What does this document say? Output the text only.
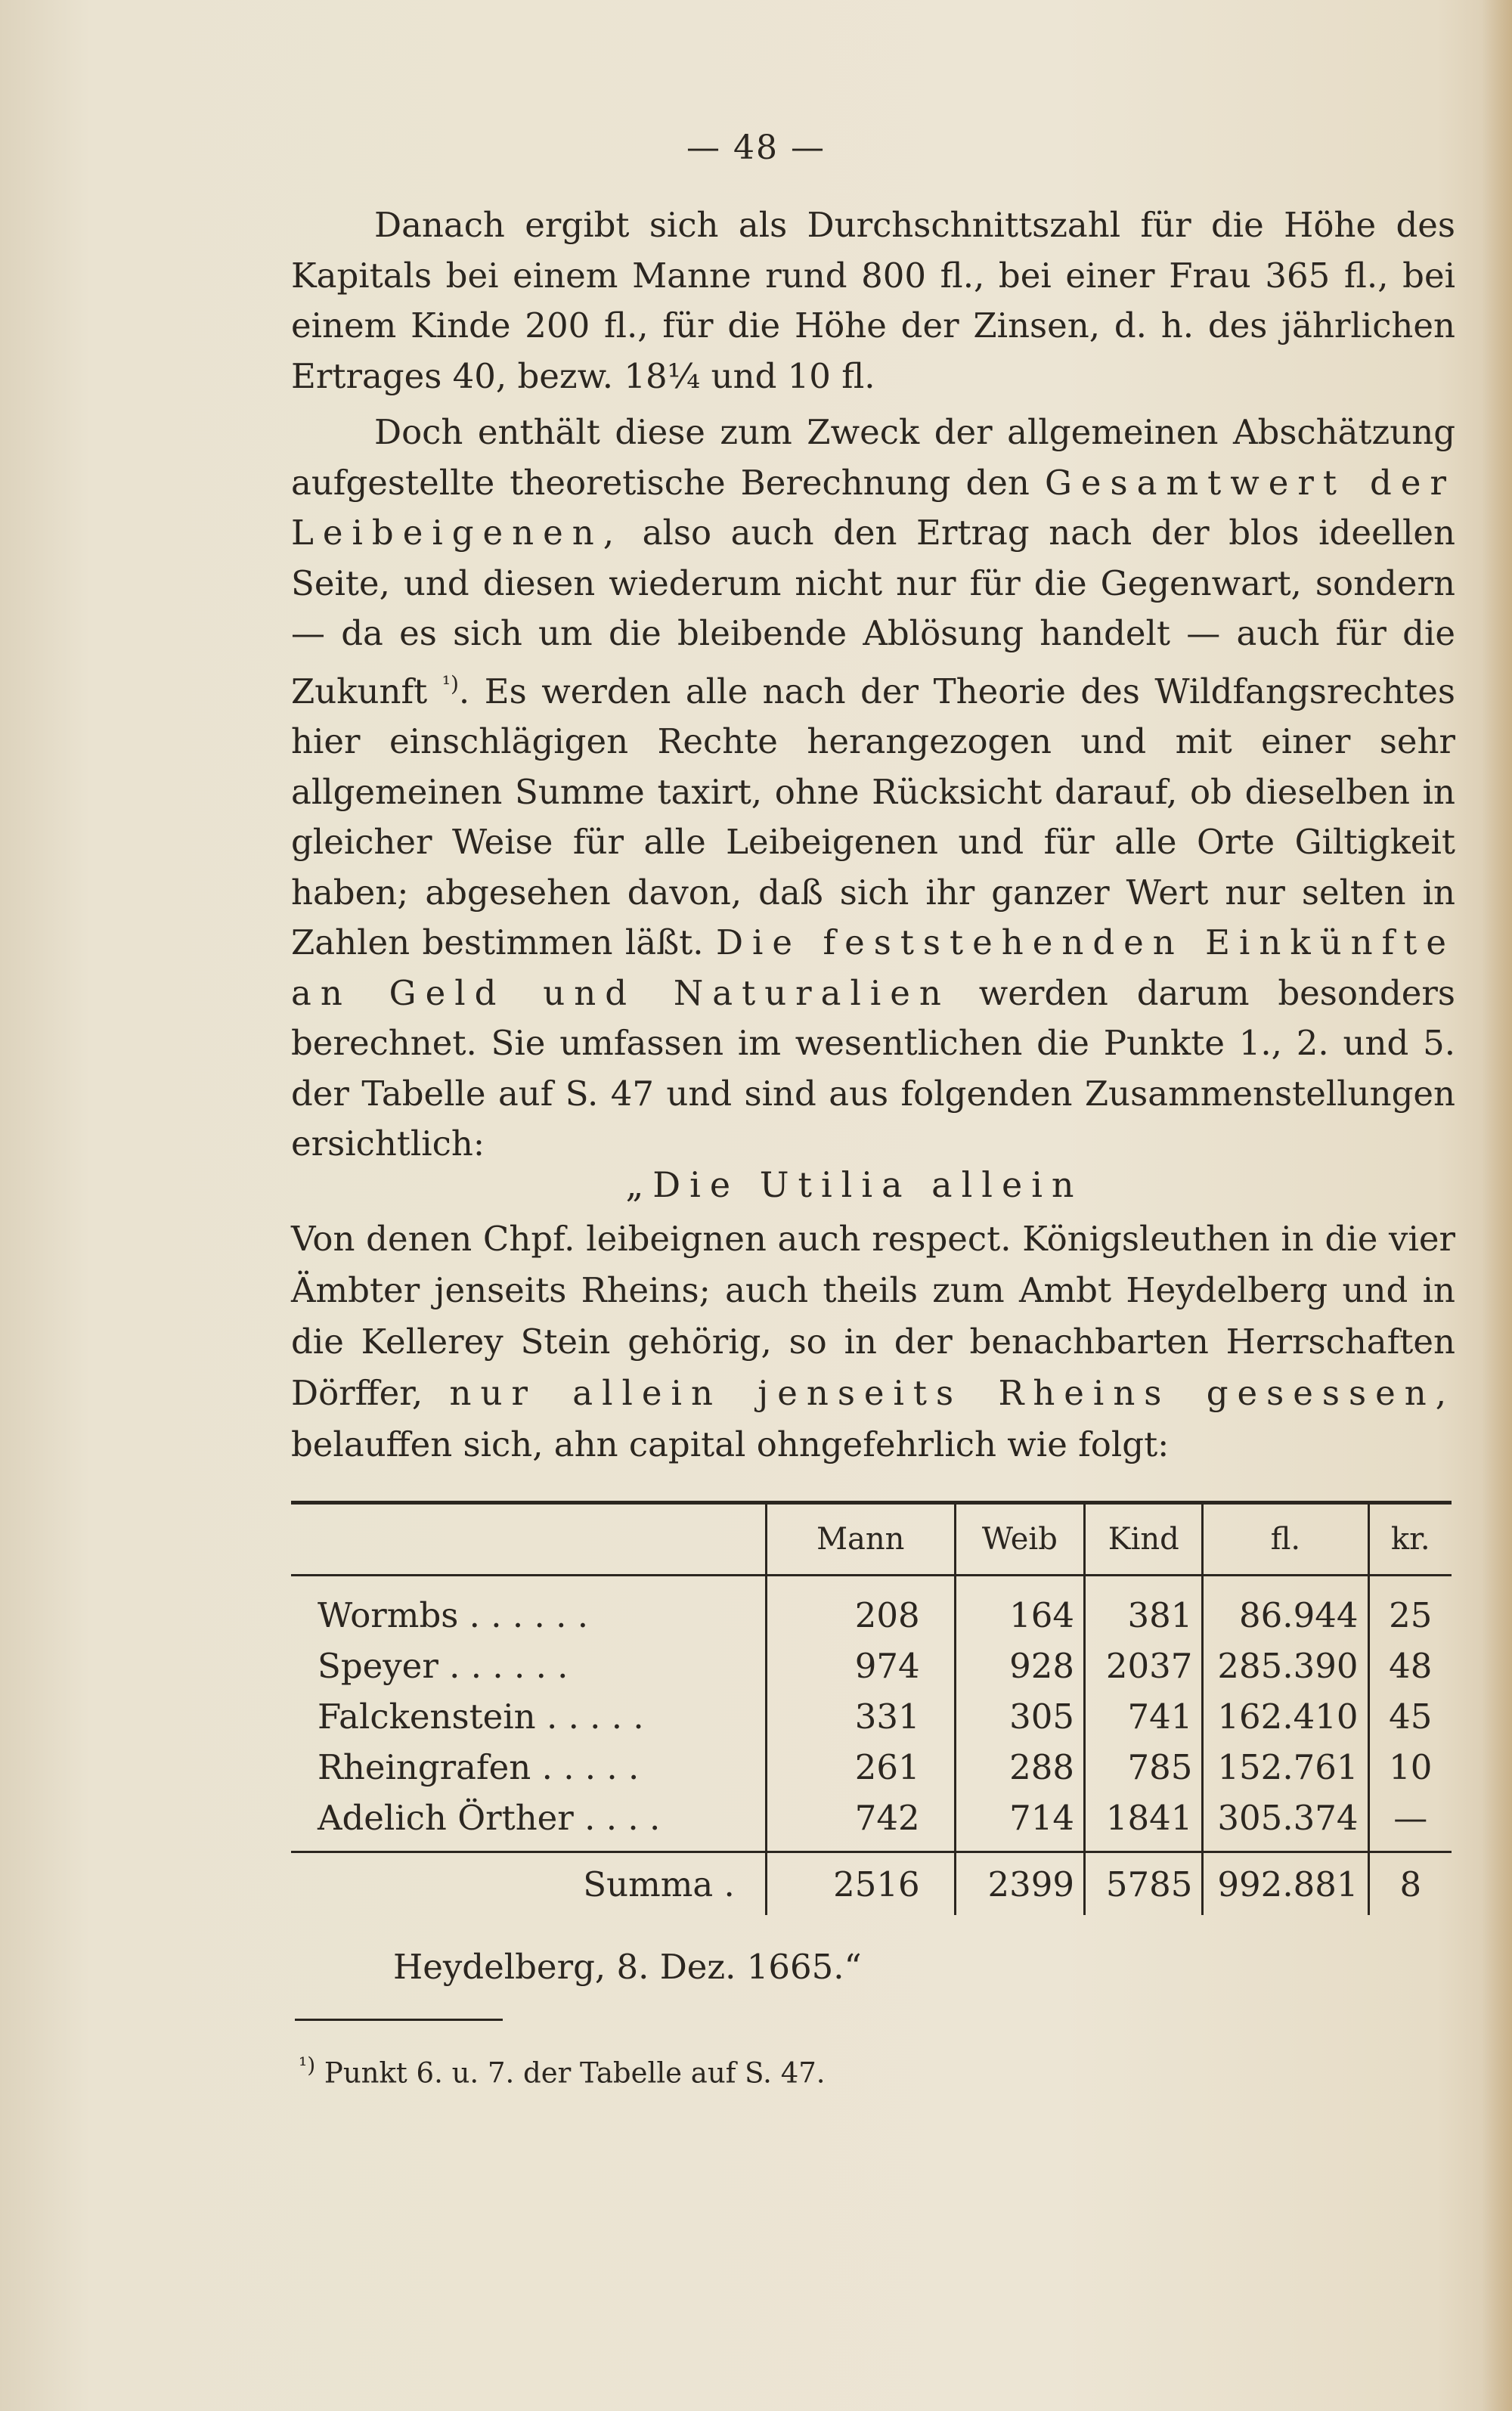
— 48 —

Danach ergibt sich als Durchschnittszahl für die Höhe des Kapitals bei einem Manne rund 800 fl., bei einer Frau 365 fl., bei einem Kinde 200 fl., für die Höhe der Zinsen, d. h. des jährlichen Ertrages 40, bezw. 18¼ und 10 fl.

Doch enthält diese zum Zweck der allgemeinen Abschätzung aufgestellte theoretische Berechnung den Gesamtwert der Leibeigenen, also auch den Ertrag nach der blos ideellen Seite, und diesen wiederum nicht nur für die Gegenwart, sondern — da es sich um die bleibende Ablösung handelt — auch für die Zukunft $^{^1)}$. Es werden alle nach der Theorie des Wildfangsrechtes hier einschlägigen Rechte herangezogen und mit einer sehr allgemeinen Summe taxirt, ohne Rücksicht darauf, ob dieselben in gleicher Weise für alle Leibeigenen und für alle Orte Giltigkeit haben; abgesehen davon, daß sich ihr ganzer Wert nur selten in Zahlen bestimmen läßt. Die feststehenden Einkünfte an Geld und Naturalien werden darum besonders berechnet. Sie umfassen im wesentlichen die Punkte 1., 2. und 5. der Tabelle auf S. 47 und sind aus folgenden Zusammenstellungen ersichtlich:

„Die Utilia allein

Von denen Chpf. leibeignen auch respect. Königsleuthen in die vier Ämbter jenseits Rheins; auch theils zum Ambt Heydelberg und in die Kellerey Stein gehörig, so in der benachbarten Herrschaften Dörffer, nur allein jenseits Rheins gesessen, belauffen sich, ahn capital ohngefehrlich wie folgt:

	Mann	Weib	Kind	fl.	kr.
Wormbs . . . . . .	208	164	381	86.944	25
Speyer . . . . . .	974	928	2037	285.390	48
Falckenstein . . . . .	331	305	741	162.410	45
Rheingrafen . . . . .	261	288	785	152.761	10
Adelich Örther . . . .	742	714	1841	305.374	—
Summa .	2516	2399	5785	992.881	8
Heydelberg, 8. Dez. 1665.“
$^{^1)}$ Punkt 6. u. 7. der Tabelle auf S. 47.
